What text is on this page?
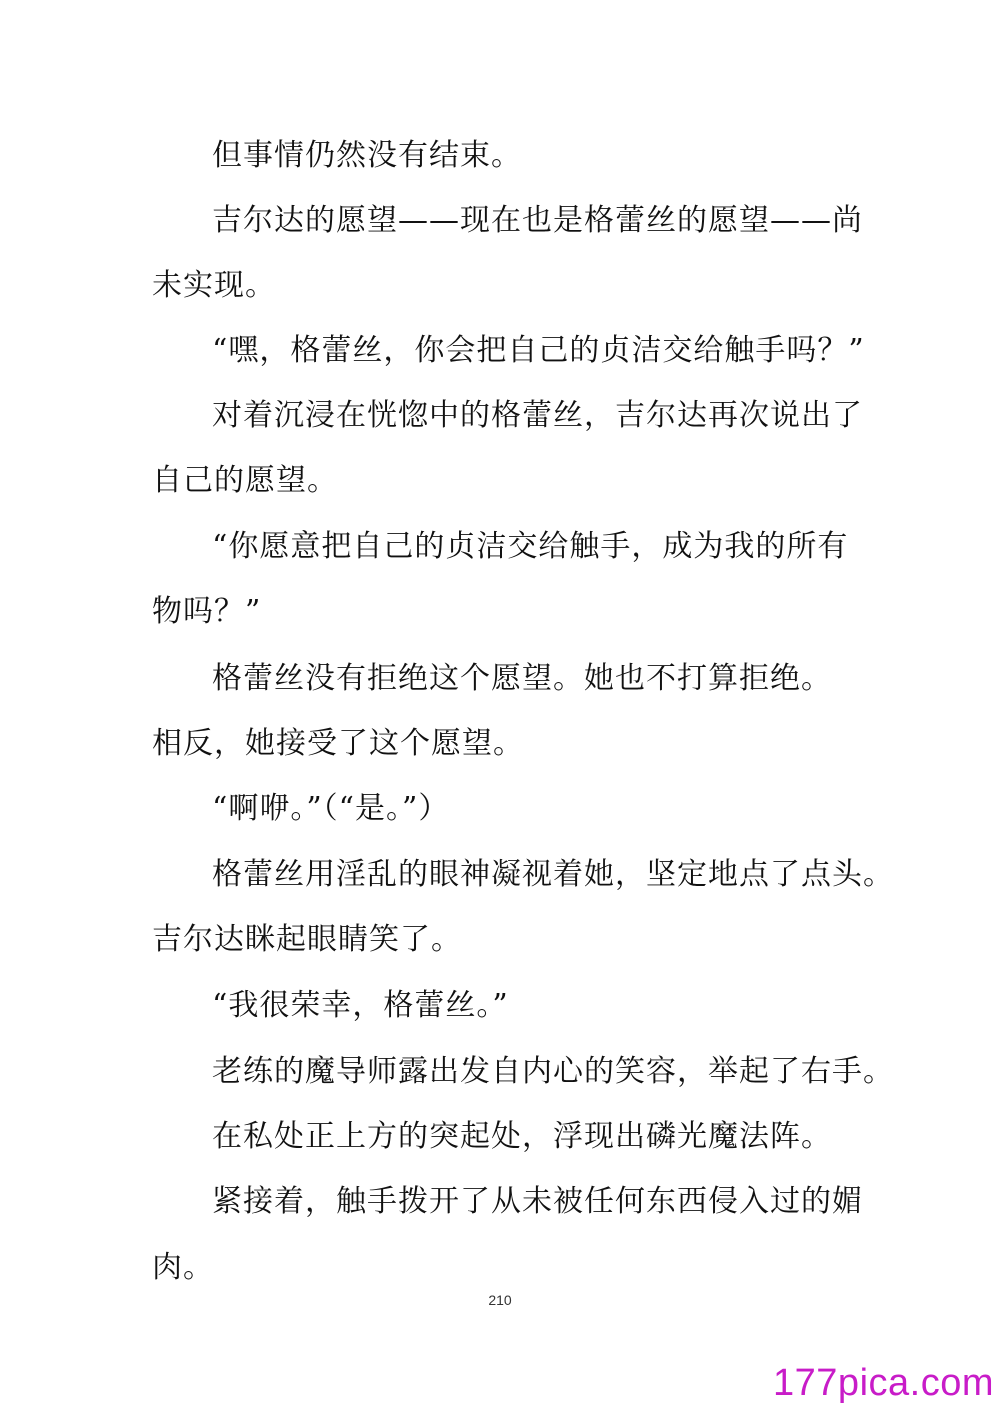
但事情仍然没有结束。
吉尔达的愿望——现在也是格蕾丝的愿望——尚
未实现。
“嘿，格蕾丝，你会把自己的贞洁交给触手吗？”
对着沉浸在恍惚中的格蕾丝，吉尔达再次说出了
自己的愿望。
“你愿意把自己的贞洁交给触手，成为我的所有
物吗？”
格蕾丝没有拒绝这个愿望。她也不打算拒绝。
相反，她接受了这个愿望。
“啊咿。”（“是。”）
格蕾丝用淫乱的眼神凝视着她，坚定地点了点头。
吉尔达眯起眼睛笑了。
“我很荣幸，格蕾丝。”
老练的魔导师露出发自内心的笑容，举起了右手。
在私处正上方的突起处，浮现出磷光魔法阵。
紧接着，触手拨开了从未被任何东西侵入过的媚
肉。
210
177pica.com
